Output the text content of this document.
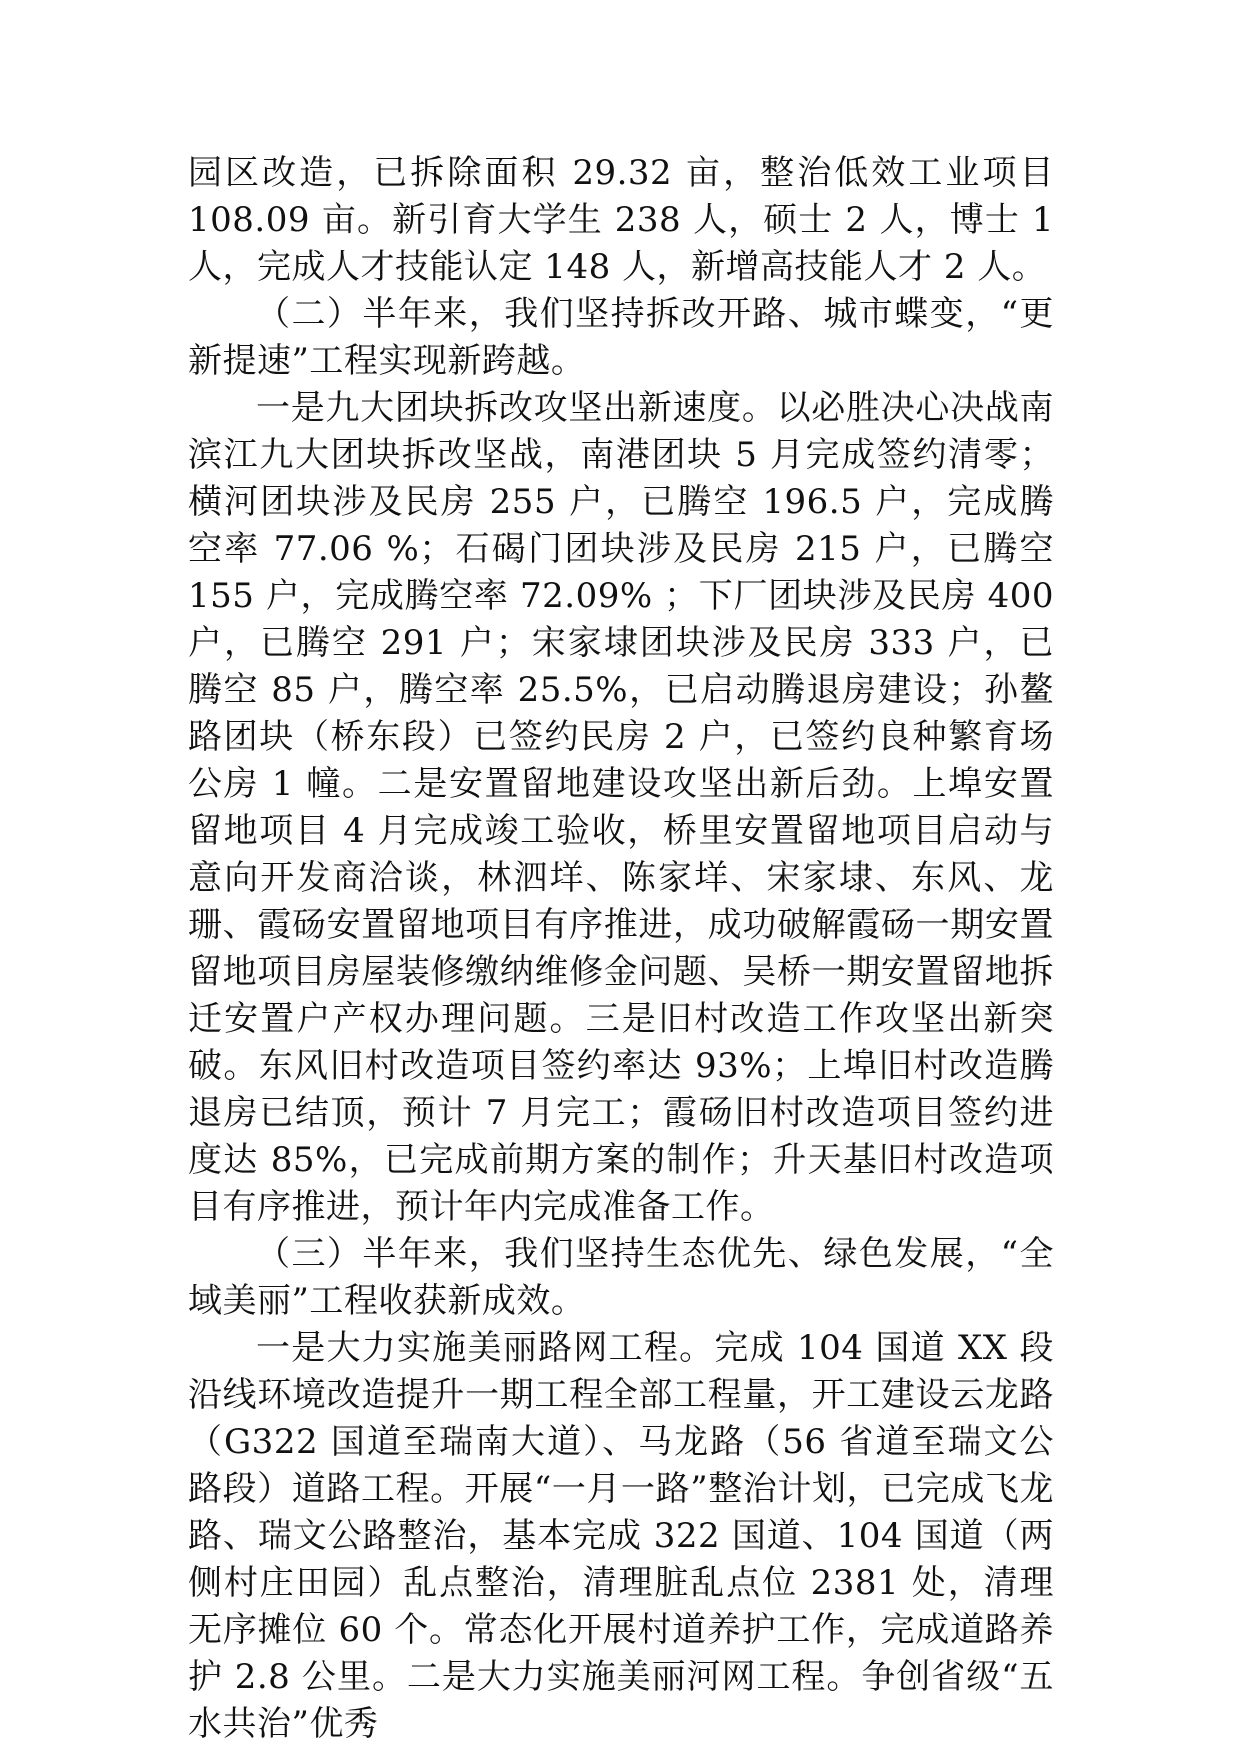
园区改造，已拆除面积 29.32 亩，整治低效工业项目 108.09 亩。新引育大学生 238 人，硕士 2 人，博士 1 人，完成人才技能认定 148 人，新增高技能人才 2 人。

（二）半年来，我们坚持拆改开路、城市蝶变，“更新提速”工程实现新跨越。

一是九大团块拆改攻坚出新速度。以必胜决心决战南滨江九大团块拆改坚战，南港团块 5 月完成签约清零；横河团块涉及民房 255 户，已腾空 196.5 户，完成腾空率 77.06 %；石碣门团块涉及民房 215 户，已腾空 155 户，完成腾空率 72.09% ；下厂团块涉及民房 400 户，已腾空 291 户；宋家埭团块涉及民房 333 户，已腾空 85 户，腾空率 25.5%，已启动腾退房建设；孙鳌路团块（桥东段）已签约民房 2 户，已签约良种繁育场公房 1 幢。二是安置留地建设攻坚出新后劲。上埠安置留地项目 4 月完成竣工验收，桥里安置留地项目启动与意向开发商洽谈，林泗垟、陈家垟、宋家埭、东风、龙珊、霞砀安置留地项目有序推进，成功破解霞砀一期安置留地项目房屋装修缴纳维修金问题、吴桥一期安置留地拆迁安置户产权办理问题。三是旧村改造工作攻坚出新突破。东风旧村改造项目签约率达 93%；上埠旧村改造腾退房已结顶，预计 7 月完工；霞砀旧村改造项目签约进度达 85%，已完成前期方案的制作；升天基旧村改造项目有序推进，预计年内完成准备工作。

（三）半年来，我们坚持生态优先、绿色发展，“全域美丽”工程收获新成效。

一是大力实施美丽路网工程。完成 104 国道 XX 段沿线环境改造提升一期工程全部工程量，开工建设云龙路（G322 国道至瑞南大道）、马龙路（56 省道至瑞文公路段）道路工程。开展“一月一路”整治计划，已完成飞龙路、瑞文公路整治，基本完成 322 国道、104 国道（两侧村庄田园）乱点整治，清理脏乱点位 2381 处，清理无序摊位 60 个。常态化开展村道养护工作，完成道路养护 2.8 公里。二是大力实施美丽河网工程。争创省级“五水共治”优秀
